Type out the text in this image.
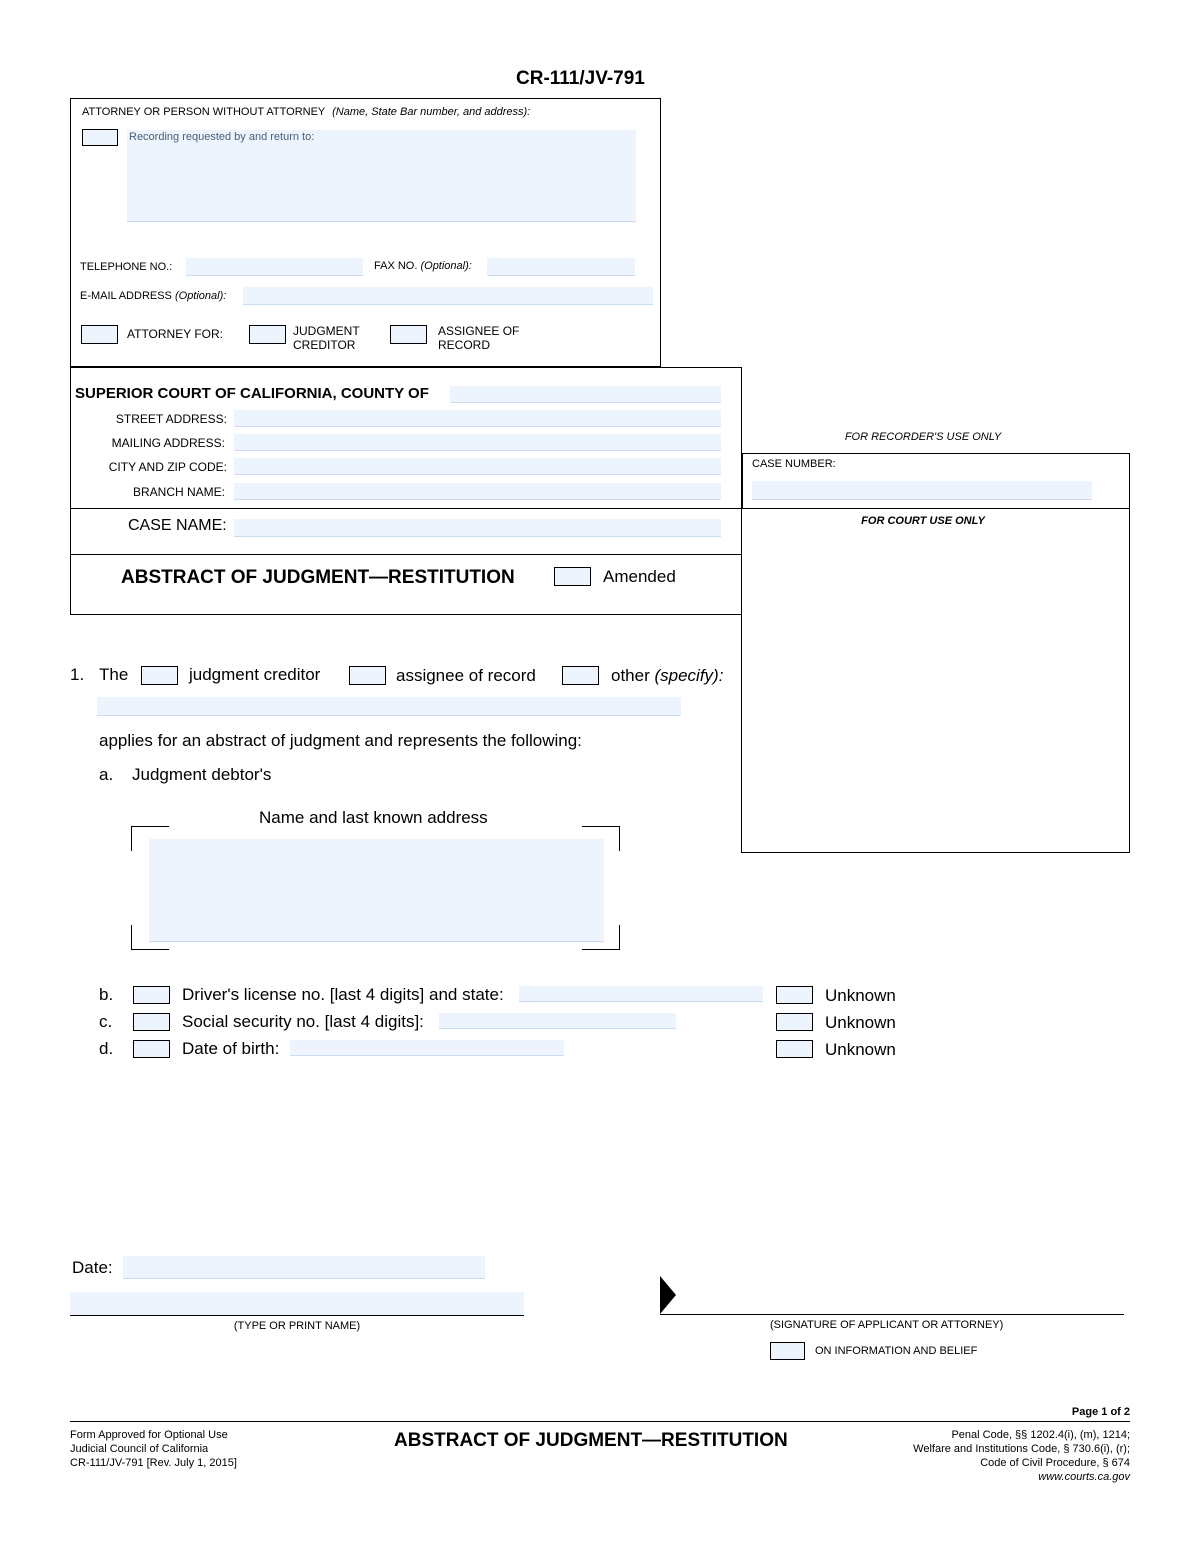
CR-111/JV-791
ATTORNEY OR PERSON WITHOUT ATTORNEY (Name, State Bar number, and address):
Recording requested by and return to:
TELEPHONE NO.:	FAX NO. (Optional):
E-MAIL ADDRESS (Optional):
ATTORNEY FOR:	JUDGMENT
CREDITOR
ASSIGNEE OF
RECORD
SUPERIOR COURT OF CALIFORNIA, COUNTY OF
STREET ADDRESS:
MAILING ADDRESS:
CITY AND ZIP CODE:
BRANCH NAME:
FOR RECORDER'S USE ONLY
CASE NUMBER:
CASE NAME:	FOR COURT USE ONLY
ABSTRACT OF JUDGMENT—RESTITUTION	Amended
1. The	judgment creditor	assignee of record	other (specify):
applies for an abstract of judgment and represents the following:
a. Judgment debtor's
Name and last known address
b.	Driver's license no. [last 4 digits] and state:	Unknown
c.	Social security no. [last 4 digits]:	Unknown
d.	Date of birth:	Unknown
Date:
(TYPE OR PRINT NAME)	(SIGNATURE OF APPLICANT OR ATTORNEY)
ON INFORMATION AND BELIEF
Page 1 of 2
Form Approved for Optional Use
Judicial Council of California
CR-111/JV-791 [Rev. July 1, 2015]
ABSTRACT OF JUDGMENT—RESTITUTION	Penal Code, §§ 1202.4(i), (m), 1214;
Welfare and Institutions Code, § 730.6(i), (r);
Code of Civil Procedure, § 674
www.courts.ca.gov
